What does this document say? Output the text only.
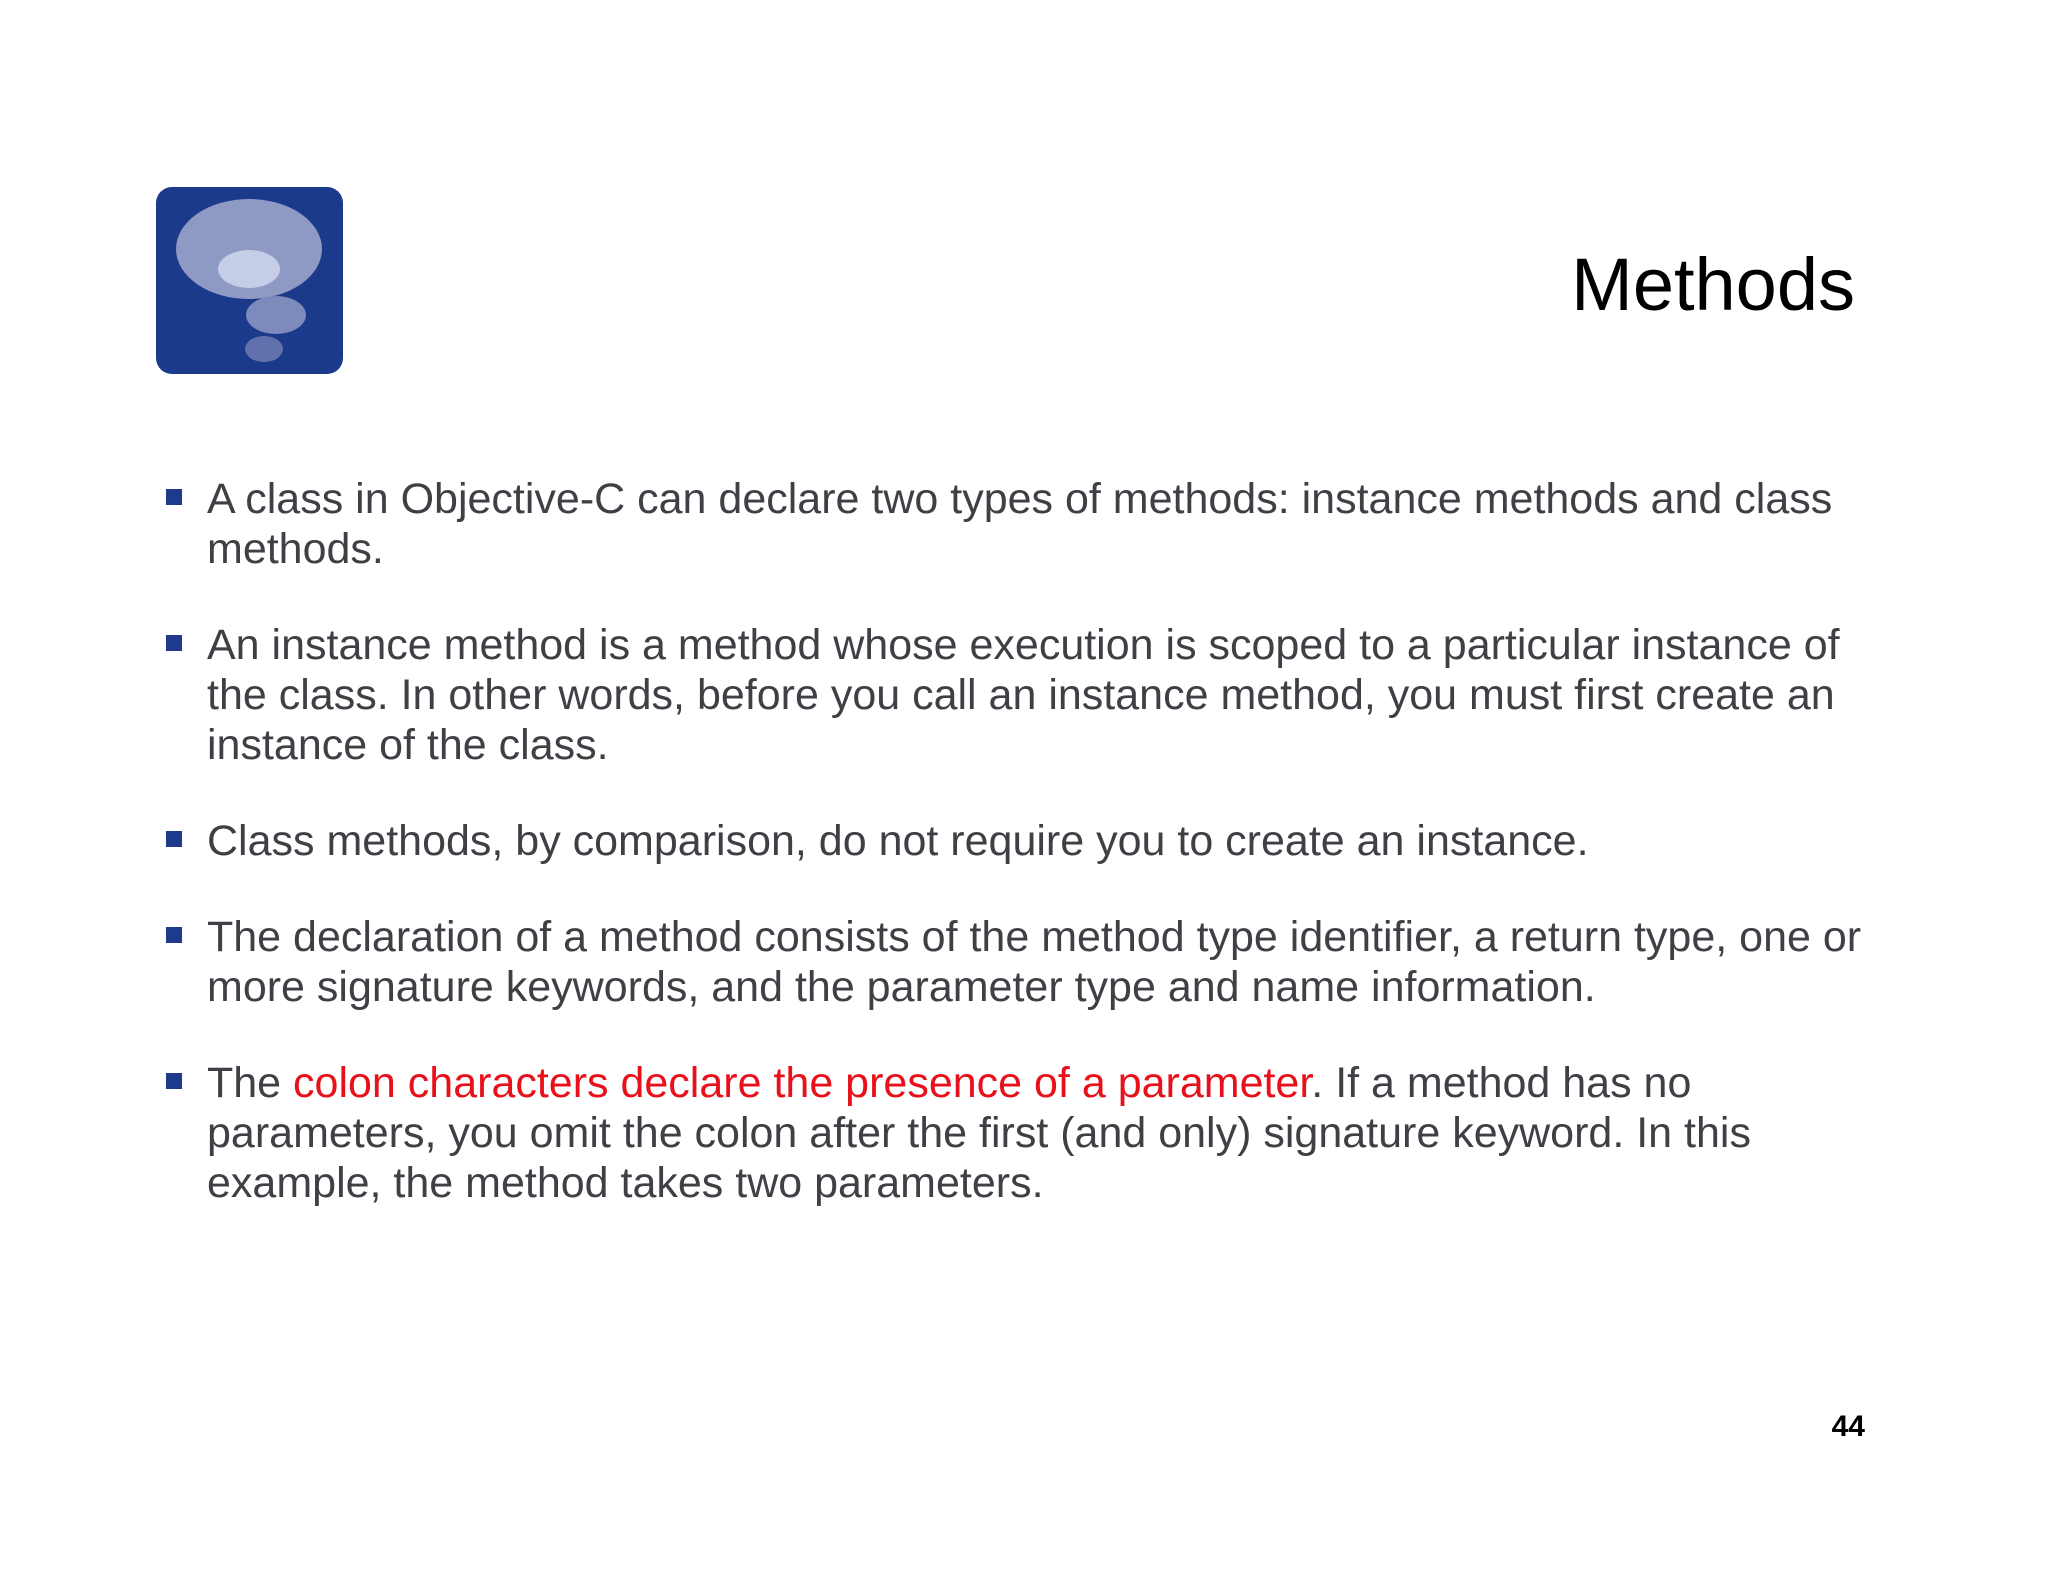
Methods
A class in Objective-C can declare two types of methods: instance methods and class methods.
An instance method is a method whose execution is scoped to a particular instance of the class. In other words, before you call an instance method, you must first create an instance of the class.
Class methods, by comparison, do not require you to create an instance.
The declaration of a method consists of the method type identifier, a return type, one or more signature keywords, and the parameter type and name information.
The colon characters declare the presence of a parameter. If a method has no parameters, you omit the colon after the first (and only) signature keyword. In this example, the method takes two parameters.
44
